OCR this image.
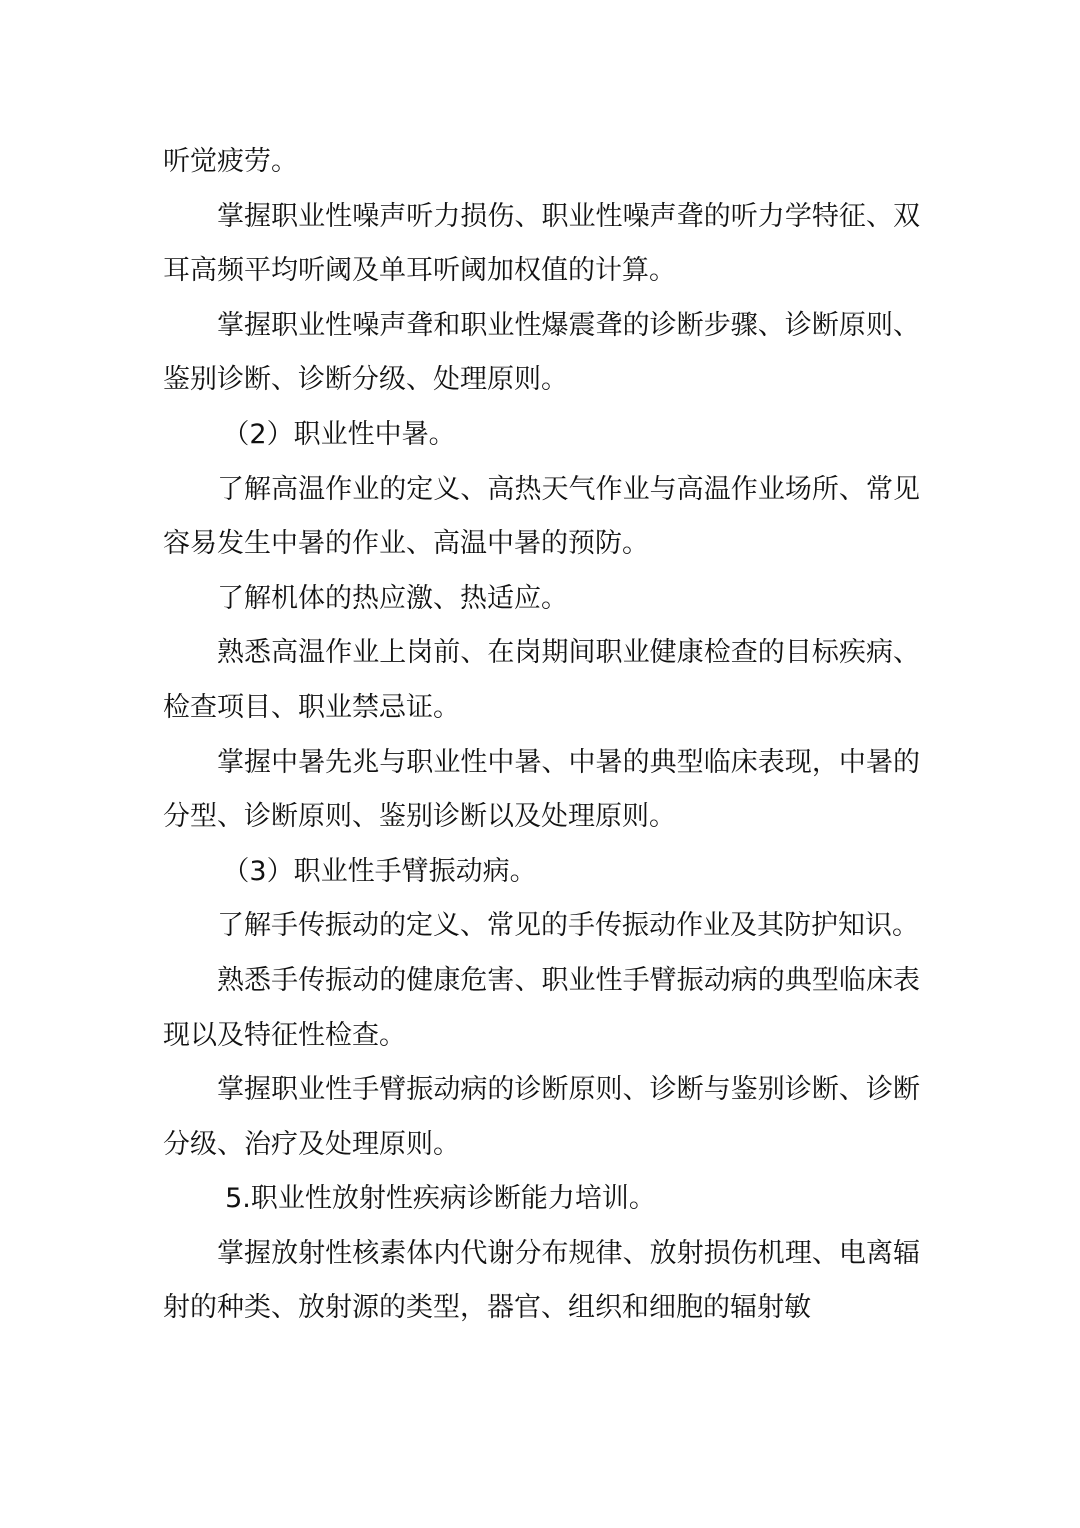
听觉疲劳。

掌握职业性噪声听力损伤、职业性噪声聋的听力学特征、双耳高频平均听阈及单耳听阈加权值的计算。

掌握职业性噪声聋和职业性爆震聋的诊断步骤、诊断原则、鉴别诊断、诊断分级、处理原则。

（2）职业性中暑。

了解高温作业的定义、高热天气作业与高温作业场所、常见容易发生中暑的作业、高温中暑的预防。

了解机体的热应激、热适应。

熟悉高温作业上岗前、在岗期间职业健康检查的目标疾病、检查项目、职业禁忌证。

掌握中暑先兆与职业性中暑、中暑的典型临床表现，中暑的分型、诊断原则、鉴别诊断以及处理原则。

（3）职业性手臂振动病。

了解手传振动的定义、常见的手传振动作业及其防护知识。

熟悉手传振动的健康危害、职业性手臂振动病的典型临床表现以及特征性检查。

掌握职业性手臂振动病的诊断原则、诊断与鉴别诊断、诊断分级、治疗及处理原则。

5.职业性放射性疾病诊断能力培训。

掌握放射性核素体内代谢分布规律、放射损伤机理、电离辐射的种类、放射源的类型，器官、组织和细胞的辐射敏
